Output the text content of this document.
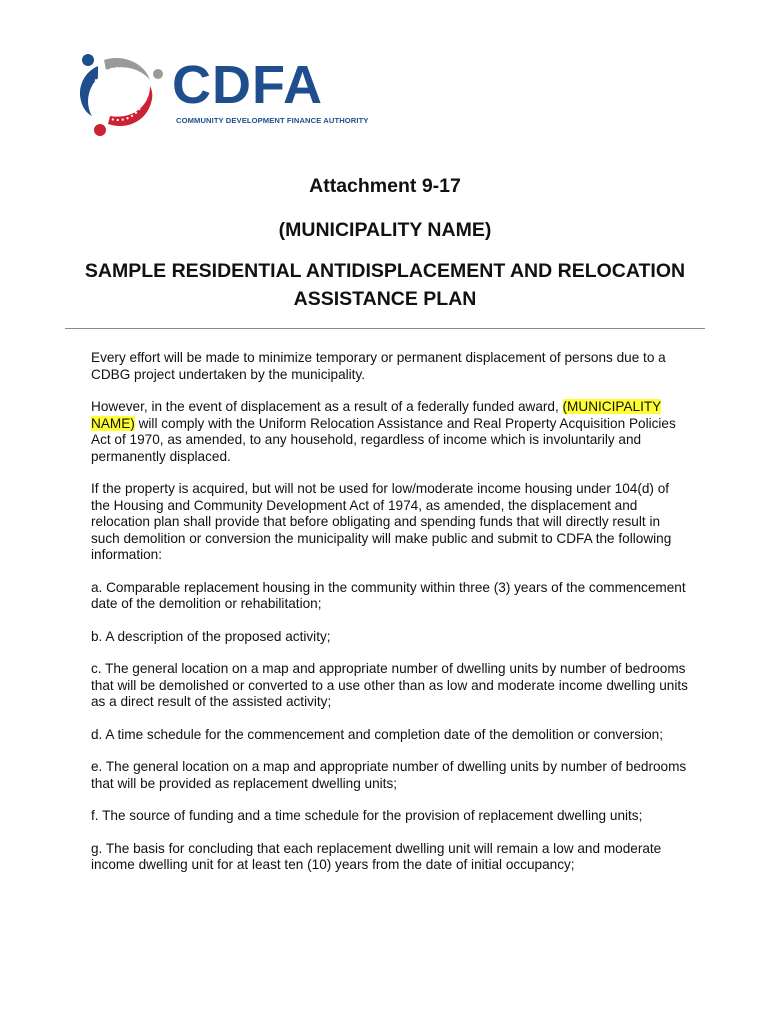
CDFA
COMMUNITY DEVELOPMENT FINANCE AUTHORITY
Attachment 9-17
(MUNICIPALITY NAME)
SAMPLE RESIDENTIAL ANTIDISPLACEMENT AND RELOCATION ASSISTANCE PLAN

Every effort will be made to minimize temporary or permanent displacement of persons due to a CDBG project undertaken by the municipality.

However, in the event of displacement as a result of a federally funded award, (MUNICIPALITY NAME) will comply with the Uniform Relocation Assistance and Real Property Acquisition Policies Act of 1970, as amended, to any household, regardless of income which is involuntarily and permanently displaced.

If the property is acquired, but will not be used for low/moderate income housing under 104(d) of the Housing and Community Development Act of 1974, as amended, the displacement and relocation plan shall provide that before obligating and spending funds that will directly result in such demolition or conversion the municipality will make public and submit to CDFA the following information:

a. Comparable replacement housing in the community within three (3) years of the commencement date of the demolition or rehabilitation;

b. A description of the proposed activity;

c. The general location on a map and appropriate number of dwelling units by number of bedrooms that will be demolished or converted to a use other than as low and moderate income dwelling units as a direct result of the assisted activity;

d. A time schedule for the commencement and completion date of the demolition or conversion;

e. The general location on a map and appropriate number of dwelling units by number of bedrooms that will be provided as replacement dwelling units;

f. The source of funding and a time schedule for the provision of replacement dwelling units;

g. The basis for concluding that each replacement dwelling unit will remain a low and moderate income dwelling unit for at least ten (10) years from the date of initial occupancy;
